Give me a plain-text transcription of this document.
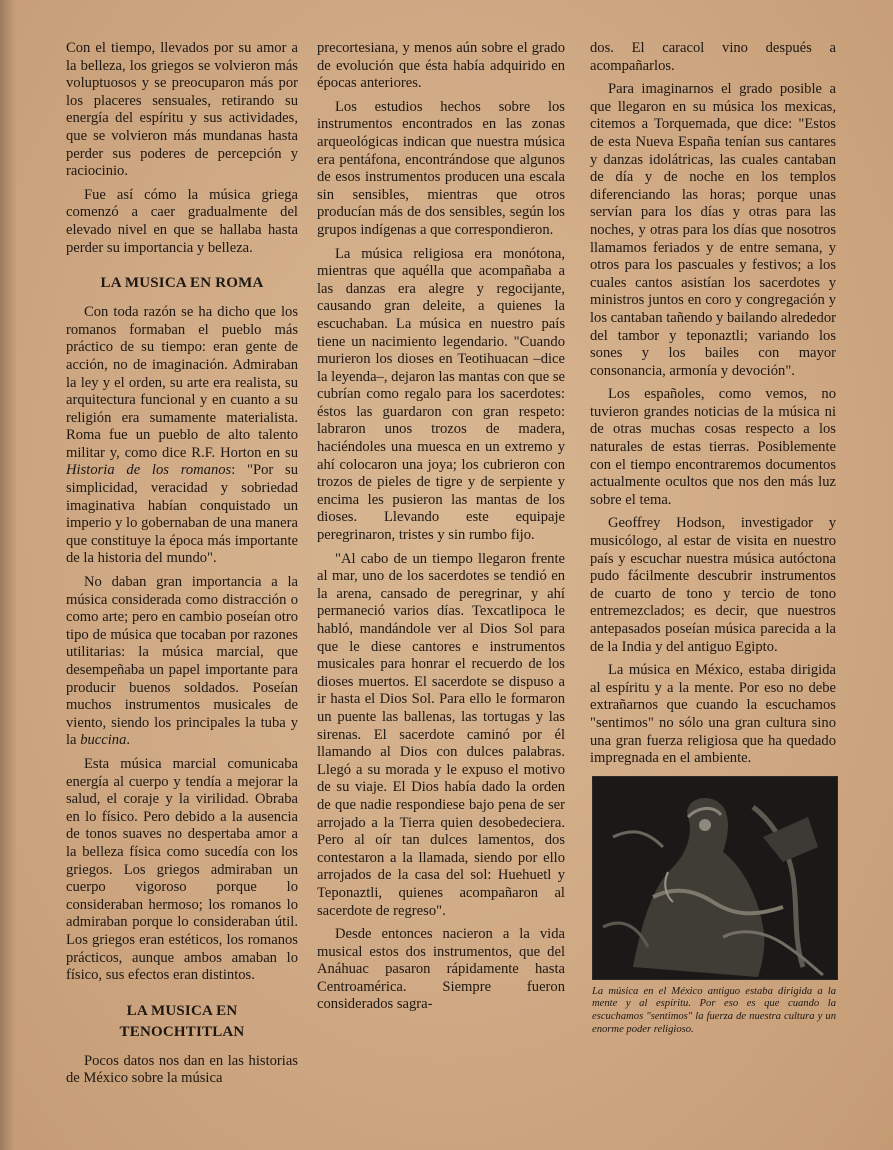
Con el tiempo, llevados por su amor a la belleza, los griegos se volvieron más voluptuosos y se preocuparon más por los placeres sensuales, retirando su energía del espíritu y sus actividades, que se volvieron más mundanas hasta perder sus poderes de percepción y raciocinio.

Fue así cómo la música griega comenzó a caer gradualmente del elevado nivel en que se hallaba hasta perder su importancia y belleza.

LA MUSICA EN ROMA

Con toda razón se ha dicho que los romanos formaban el pueblo más práctico de su tiempo: eran gente de acción, no de imaginación. Admiraban la ley y el orden, su arte era realista, su arquitectura funcional y en cuanto a su religión era sumamente materialista. Roma fue un pueblo de alto talento militar y, como dice R.F. Horton en su Historia de los romanos: "Por su simplicidad, veracidad y sobriedad imaginativa habían conquistado un imperio y lo gobernaban de una manera que constituye la época más importante de la historia del mundo".

No daban gran importancia a la música considerada como distracción o como arte; pero en cambio poseían otro tipo de música que tocaban por razones utilitarias: la música marcial, que desempeñaba un papel importante para producir buenos soldados. Poseían muchos instrumentos musicales de viento, siendo los principales la tuba y la buccina.

Esta música marcial comunicaba energía al cuerpo y tendía a mejorar la salud, el coraje y la virilidad. Obraba en lo físico. Pero debido a la ausencia de tonos suaves no despertaba amor a la belleza física como sucedía con los griegos. Los griegos admiraban un cuerpo vigoroso porque lo consideraban hermoso; los romanos lo admiraban porque lo consideraban útil. Los griegos eran estéticos, los romanos prácticos, aunque ambos amaban lo físico, sus efectos eran distintos.

LA MUSICA EN
TENOCHTITLAN

Pocos datos nos dan en las historias de México sobre la música

precortesiana, y menos aún sobre el grado de evolución que ésta había adquirido en épocas anteriores.

Los estudios hechos sobre los instrumentos encontrados en las zonas arqueológicas indican que nuestra música era pentáfona, encontrándose que algunos de esos instrumentos producen una escala sin sensibles, mientras que otros producían más de dos sensibles, según los grupos indígenas a que correspondieron.

La música religiosa era monótona, mientras que aquélla que acompañaba a las danzas era alegre y regocijante, causando gran deleite, a quienes la escuchaban. La música en nuestro país tiene un nacimiento legendario. "Cuando murieron los dioses en Teotihuacan –dice la leyenda–, dejaron las mantas con que se cubrían como regalo para los sacerdotes: éstos las guardaron con gran respeto: labraron unos trozos de madera, haciéndoles una muesca en un extremo y ahí colocaron una joya; los cubrieron con trozos de pieles de tigre y de serpiente y encima les pusieron las mantas de los dioses. Llevando este equipaje peregrinaron, tristes y sin rumbo fijo.

"Al cabo de un tiempo llegaron frente al mar, uno de los sacerdotes se tendió en la arena, cansado de peregrinar, y ahí permaneció varios días. Texcatlipoca le habló, mandándole ver al Dios Sol para que le diese cantores e instrumentos musicales para honrar el recuerdo de los dioses muertos. El sacerdote se dispuso a ir hasta el Dios Sol. Para ello le formaron un puente las ballenas, las tortugas y las sirenas. El sacerdote caminó por él llamando al Dios con dulces palabras. Llegó a su morada y le expuso el motivo de su viaje. El Dios había dado la orden de que nadie respondiese bajo pena de ser arrojado a la Tierra quien desobedeciera. Pero al oír tan dulces lamentos, dos contestaron a la llamada, siendo por ello arrojados de la casa del sol: Huehuetl y Teponaztli, quienes acompañaron al sacerdote de regreso".

Desde entonces nacieron a la vida musical estos dos instrumentos, que del Anáhuac pasaron rápidamente hasta Centroamérica. Siempre fueron considerados sagra-

dos. El caracol vino después a acompañarlos.

Para imaginarnos el grado posible a que llegaron en su música los mexicas, citemos a Torquemada, que dice: "Estos de esta Nueva España tenían sus cantares y danzas idolátricas, las cuales cantaban de día y de noche en los templos diferenciando las horas; porque unas servían para los días y otras para las noches, y otras para los días que nosotros llamamos feriados y de entre semana, y otros para los pascuales y festivos; a los cuales cantos asistían los sacerdotes y ministros juntos en coro y congregación y los cantaban tañendo y bailando alrededor del tambor y teponaztli; variando los sones y los bailes con mayor consonancia, armonía y devoción".

Los españoles, como vemos, no tuvieron grandes noticias de la música ni de otras muchas cosas respecto a los naturales de estas tierras. Posiblemente con el tiempo encontraremos documentos actualmente ocultos que nos den más luz sobre el tema.

Geoffrey Hodson, investigador y musicólogo, al estar de visita en nuestro país y escuchar nuestra música autóctona pudo fácilmente descubrir instrumentos de cuarto de tono y tercio de tono entremezclados; es decir, que nuestros antepasados poseían música parecida a la de la India y del antiguo Egipto.

La música en México, estaba dirigida al espíritu y a la mente. Por eso no debe extrañarnos que cuando la escuchamos "sentimos" no sólo una gran cultura sino una gran fuerza religiosa que ha quedado impregnada en el ambiente.

La música en el México antiguo estaba dirigida a la mente y al espíritu. Por eso es que cuando la escuchamos "sentimos" la fuerza de nuestra cultura y un enorme poder religioso.
